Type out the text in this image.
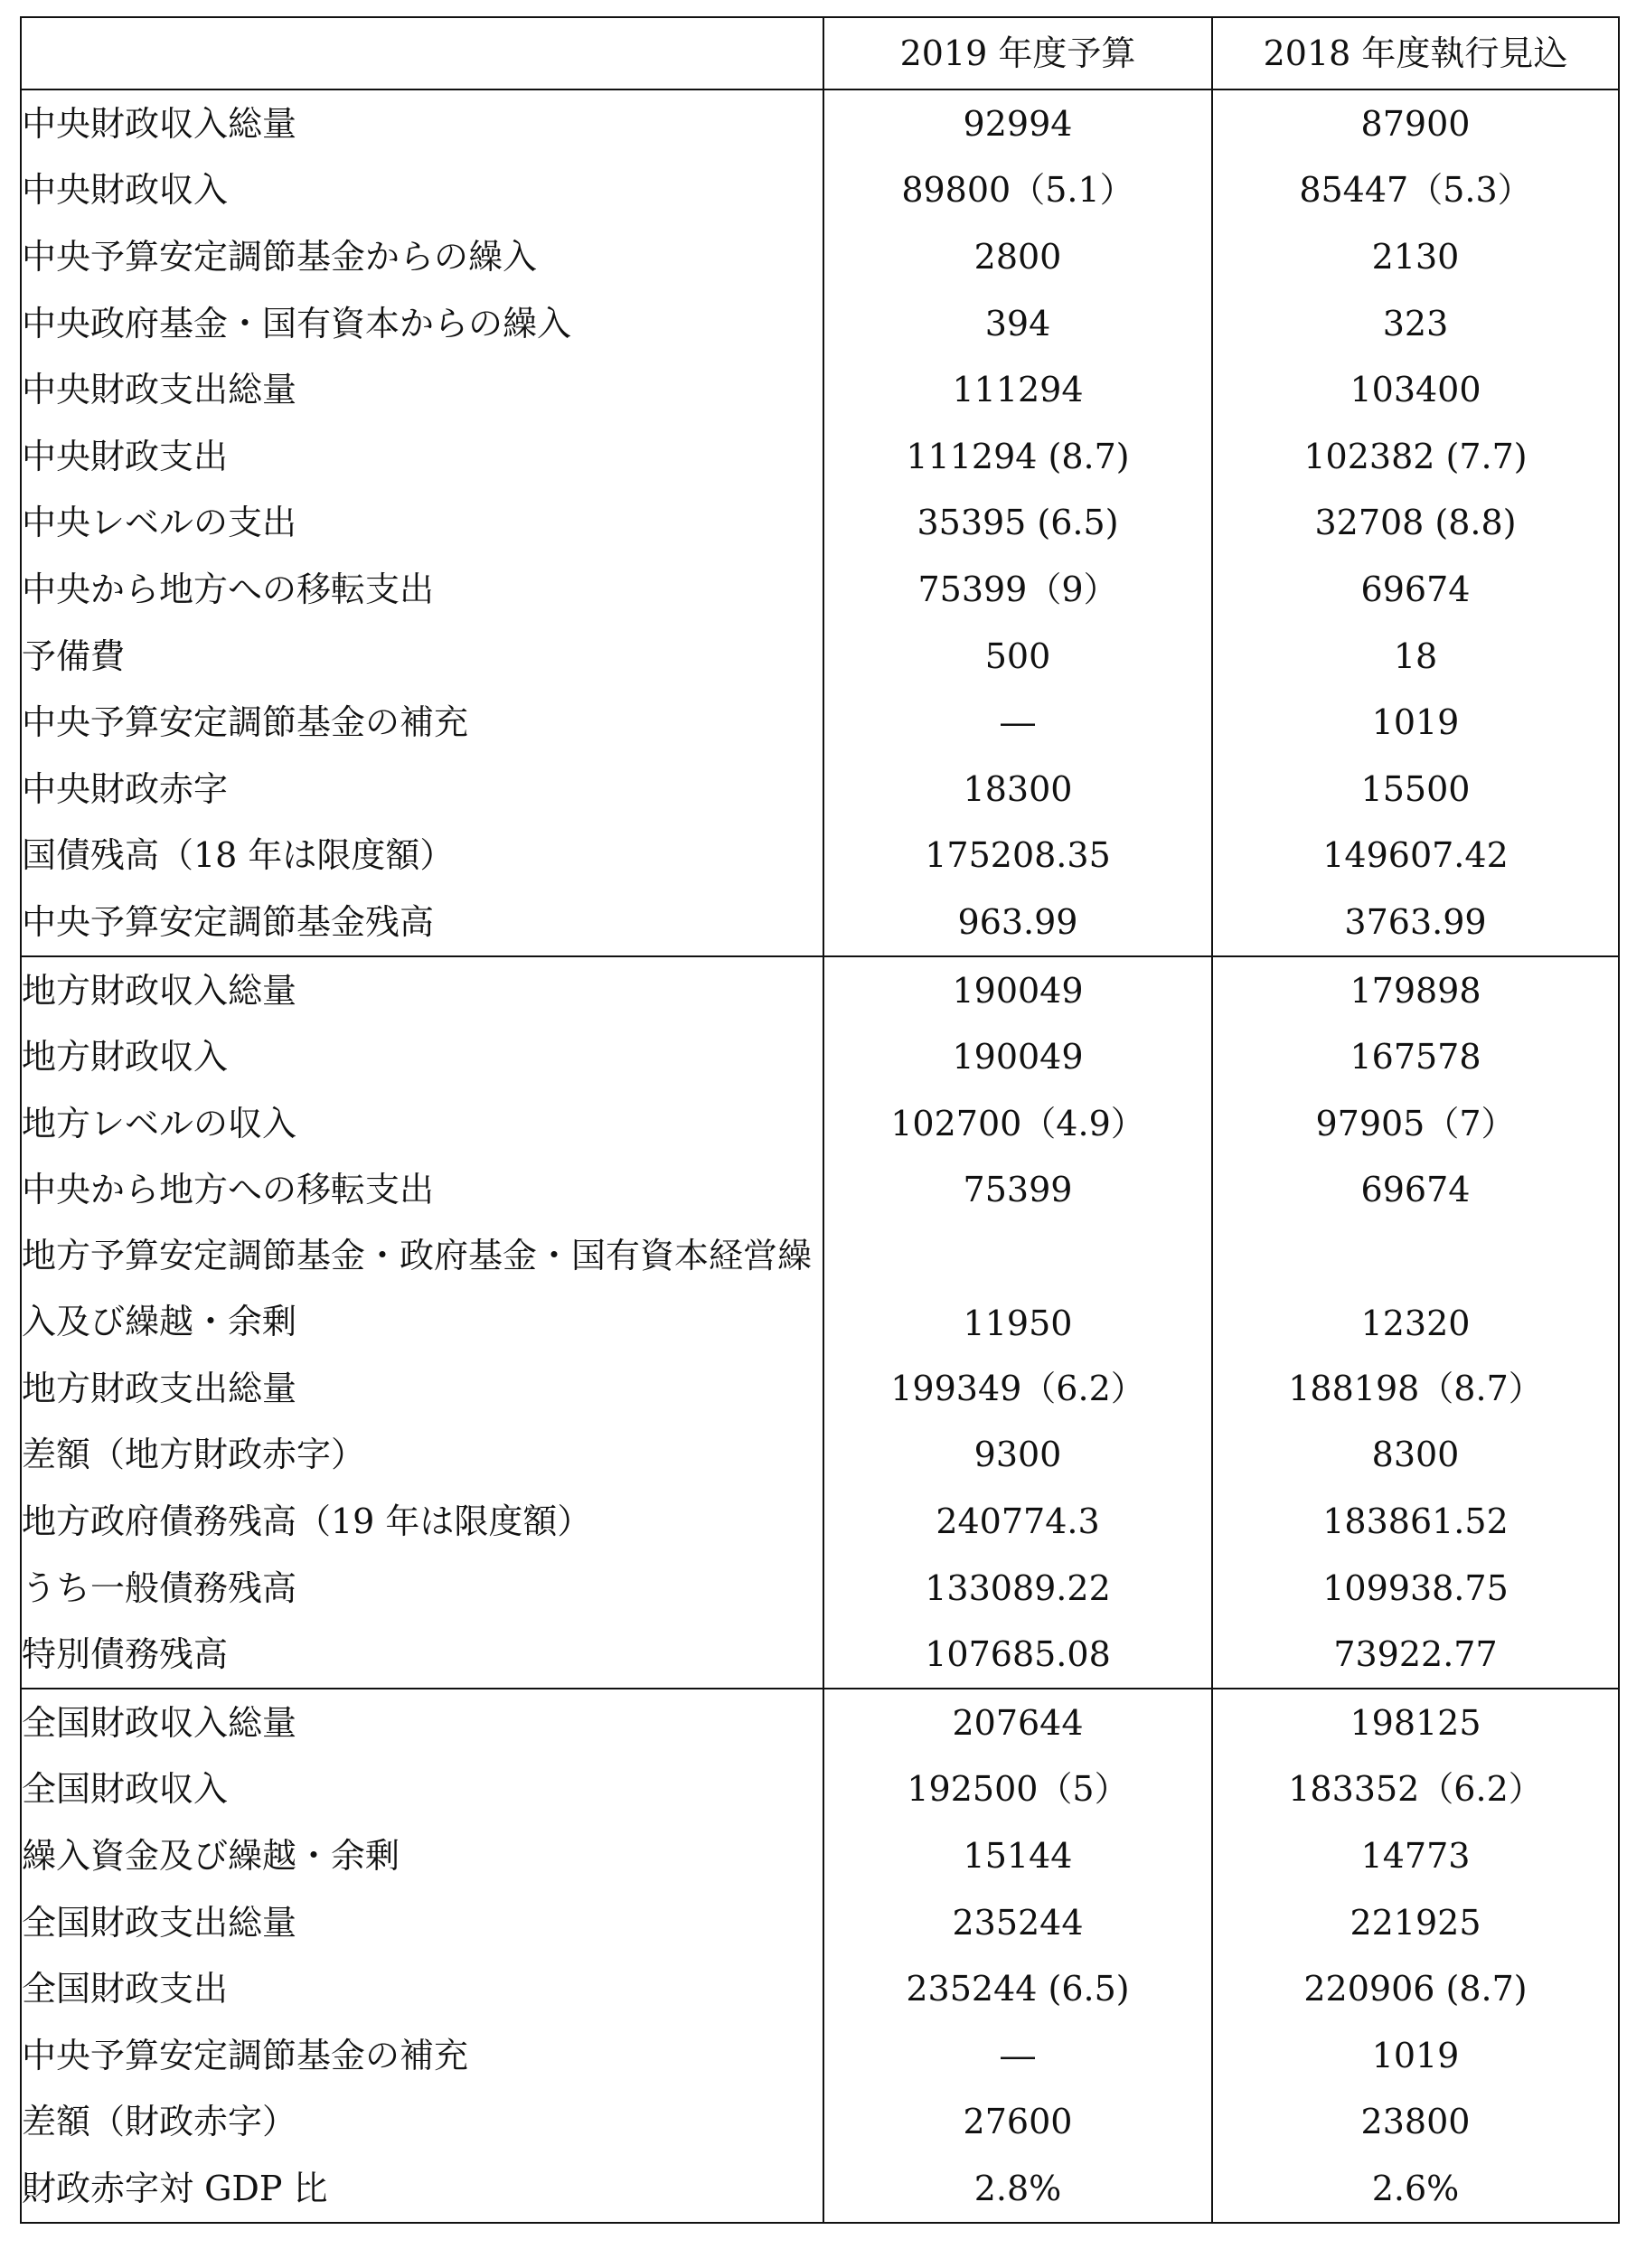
	2019 年度予算	2018 年度執行見込
中央財政収入総量	92994	87900
中央財政収入	89800（5.1）	85447（5.3）
中央予算安定調節基金からの繰入	2800	2130
中央政府基金・国有資本からの繰入	394	323
中央財政支出総量	111294	103400
中央財政支出	111294 (8.7)	102382 (7.7)
中央レベルの支出	35395 (6.5)	32708 (8.8)
中央から地方への移転支出	75399（9）	69674
予備費	500	18
中央予算安定調節基金の補充	―	1019
中央財政赤字	18300	15500
国債残高（18 年は限度額）	175208.35	149607.42
中央予算安定調節基金残高	963.99	3763.99
地方財政収入総量	190049	179898
地方財政収入	190049	167578
地方レベルの収入	102700（4.9）	97905（7）
中央から地方への移転支出	75399	69674
地方予算安定調節基金・政府基金・国有資本経営繰入及び繰越・余剰	11950	12320
地方財政支出総量	199349（6.2）	188198（8.7）
差額（地方財政赤字）	9300	8300
地方政府債務残高（19 年は限度額）	240774.3	183861.52
うち一般債務残高	133089.22	109938.75
特別債務残高	107685.08	73922.77
全国財政収入総量	207644	198125
全国財政収入	192500（5）	183352（6.2）
繰入資金及び繰越・余剰	15144	14773
全国財政支出総量	235244	221925
全国財政支出	235244 (6.5)	220906 (8.7)
中央予算安定調節基金の補充	―	1019
差額（財政赤字）	27600	23800
財政赤字対 GDP 比	2.8%	2.6%
